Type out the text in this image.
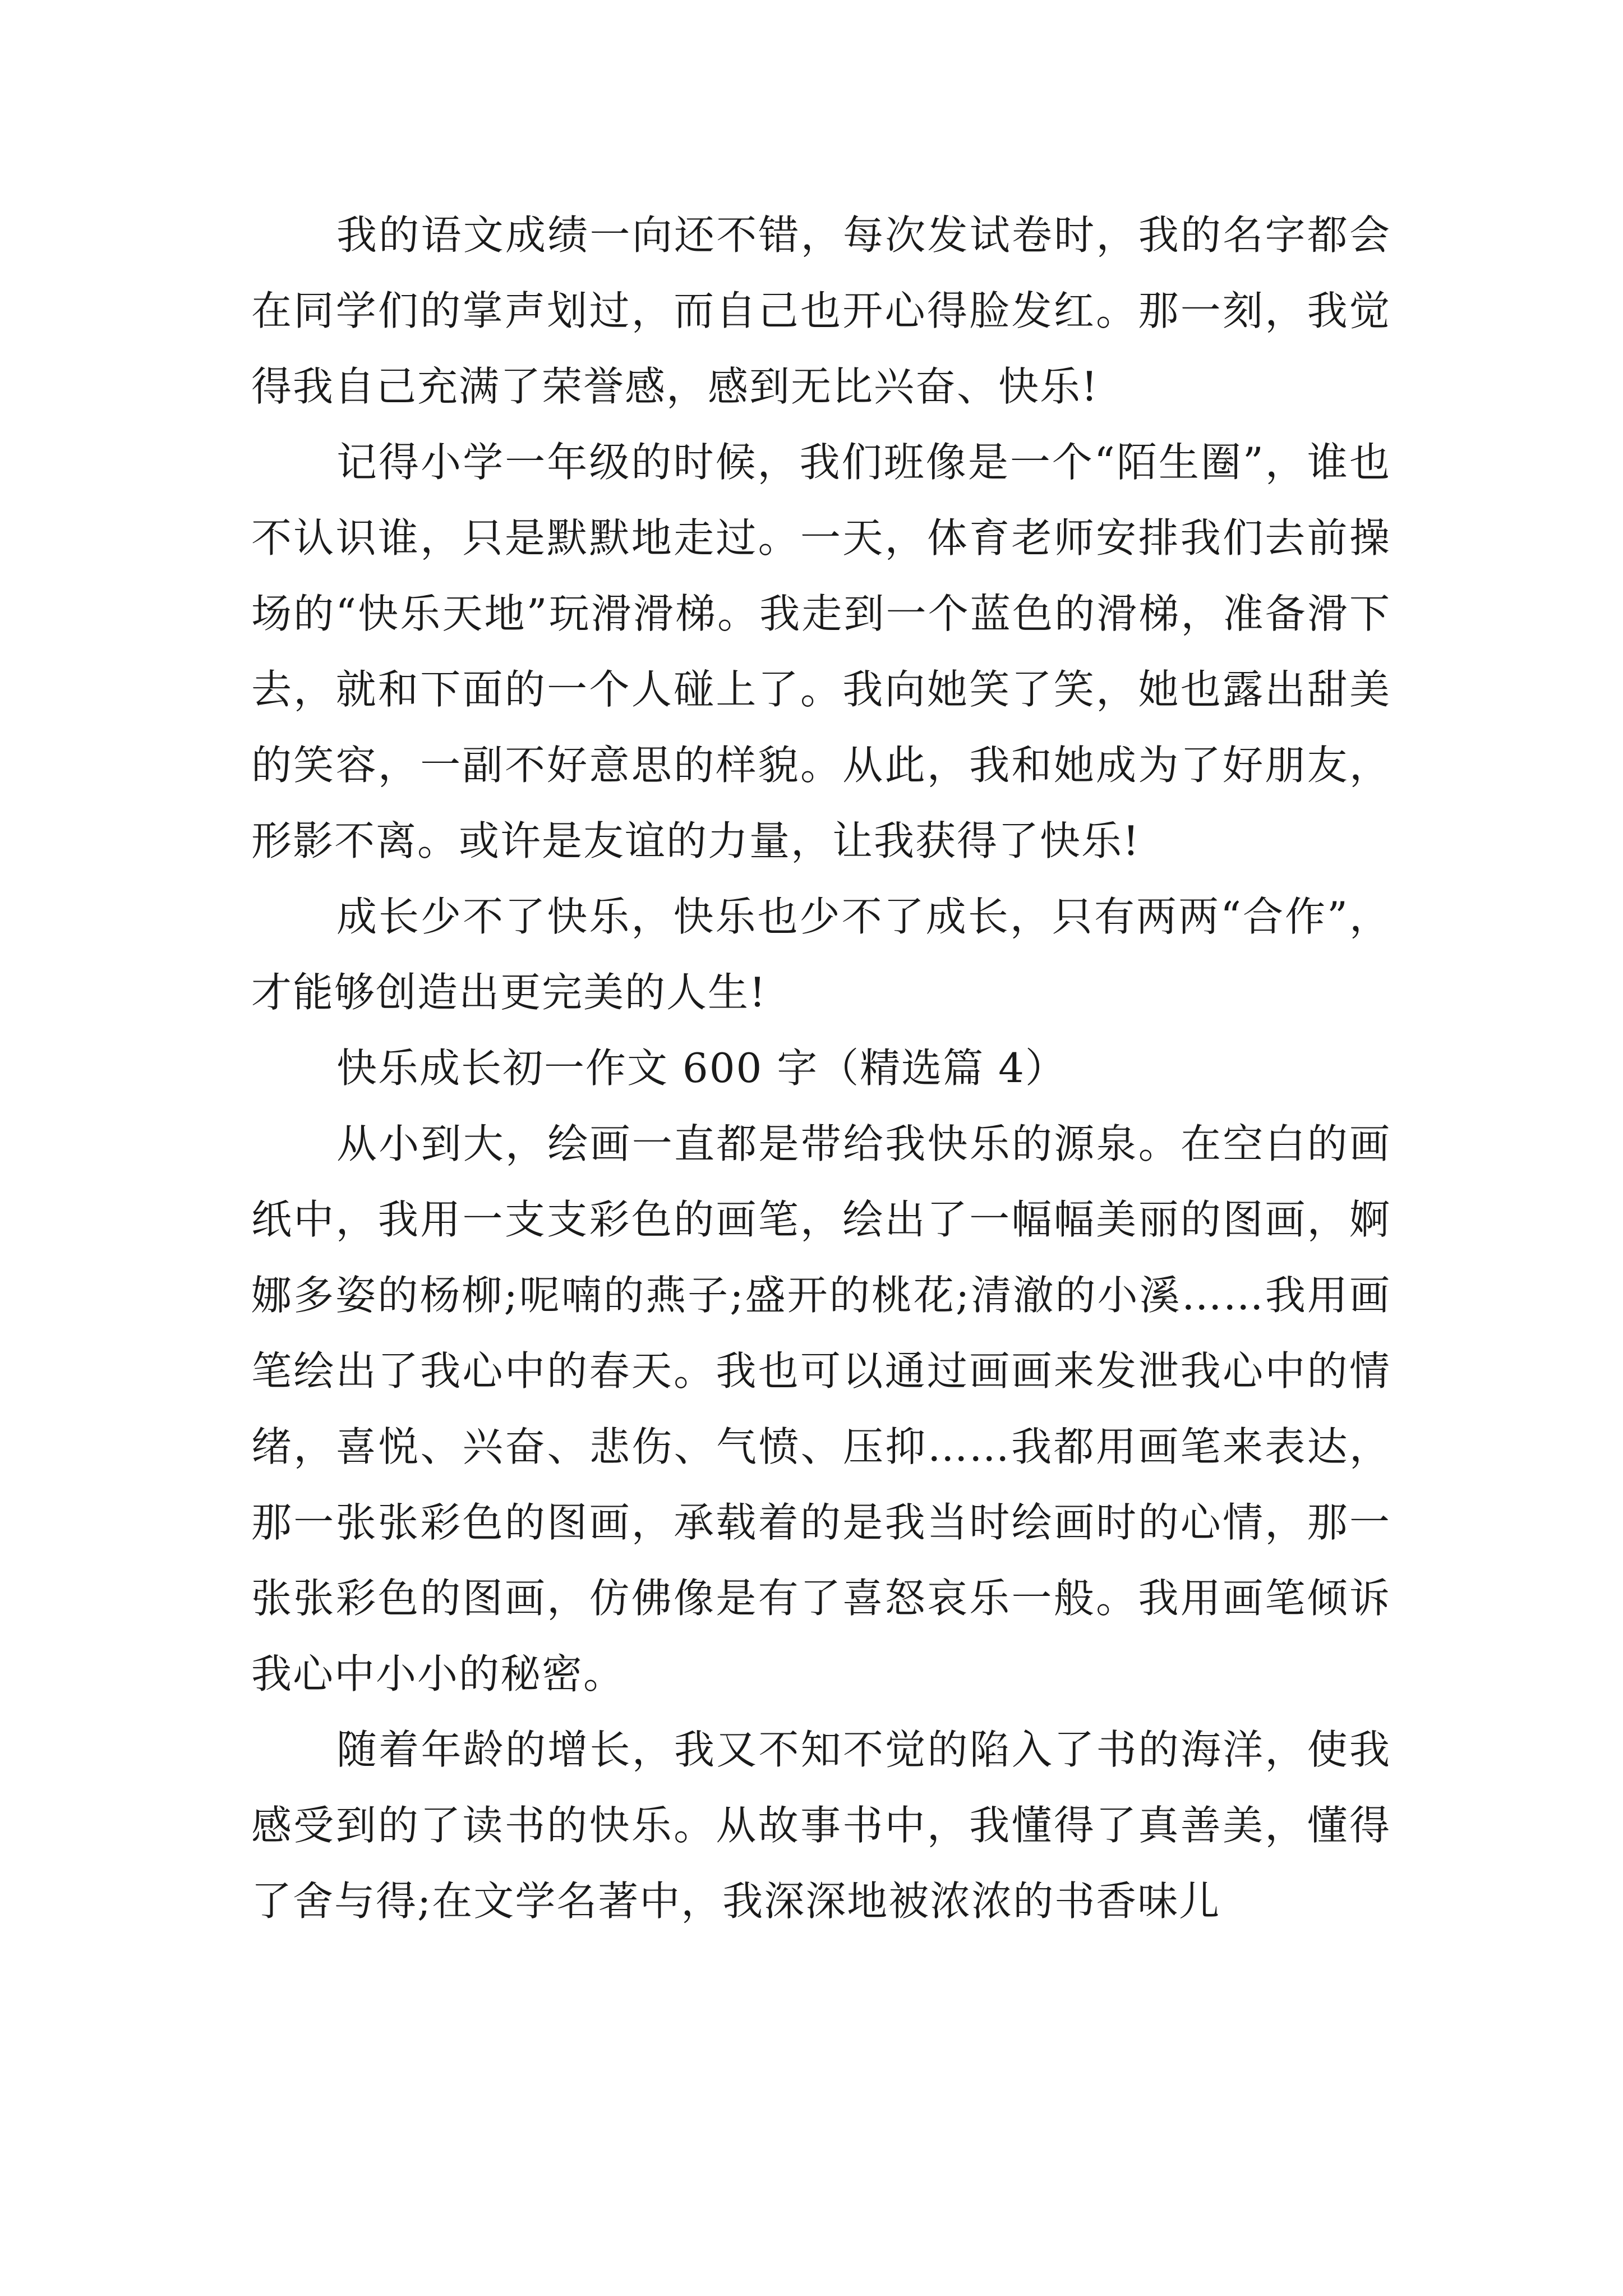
我的语文成绩一向还不错，每次发试卷时，我的名字都会在同学们的掌声划过，而自己也开心得脸发红。那一刻，我觉得我自己充满了荣誉感，感到无比兴奋、快乐!

记得小学一年级的时候，我们班像是一个“陌生圈”，谁也不认识谁，只是默默地走过。一天，体育老师安排我们去前操场的“快乐天地”玩滑滑梯。我走到一个蓝色的滑梯，准备滑下去，就和下面的一个人碰上了。我向她笑了笑，她也露出甜美的笑容，一副不好意思的样貌。从此，我和她成为了好朋友，形影不离。或许是友谊的力量，让我获得了快乐!

成长少不了快乐，快乐也少不了成长，只有两两“合作”，才能够创造出更完美的人生!

快乐成长初一作文 600 字（精选篇 4）

从小到大，绘画一直都是带给我快乐的源泉。在空白的画纸中，我用一支支彩色的画笔，绘出了一幅幅美丽的图画，婀娜多姿的杨柳;呢喃的燕子;盛开的桃花;清澈的小溪……我用画笔绘出了我心中的春天。我也可以通过画画来发泄我心中的情绪，喜悦、兴奋、悲伤、气愤、压抑……我都用画笔来表达，那一张张彩色的图画，承载着的是我当时绘画时的心情，那一张张彩色的图画，仿佛像是有了喜怒哀乐一般。我用画笔倾诉我心中小小的秘密。

随着年龄的增长，我又不知不觉的陷入了书的海洋，使我感受到的了读书的快乐。从故事书中，我懂得了真善美，懂得了舍与得;在文学名著中，我深深地被浓浓的书香味儿
